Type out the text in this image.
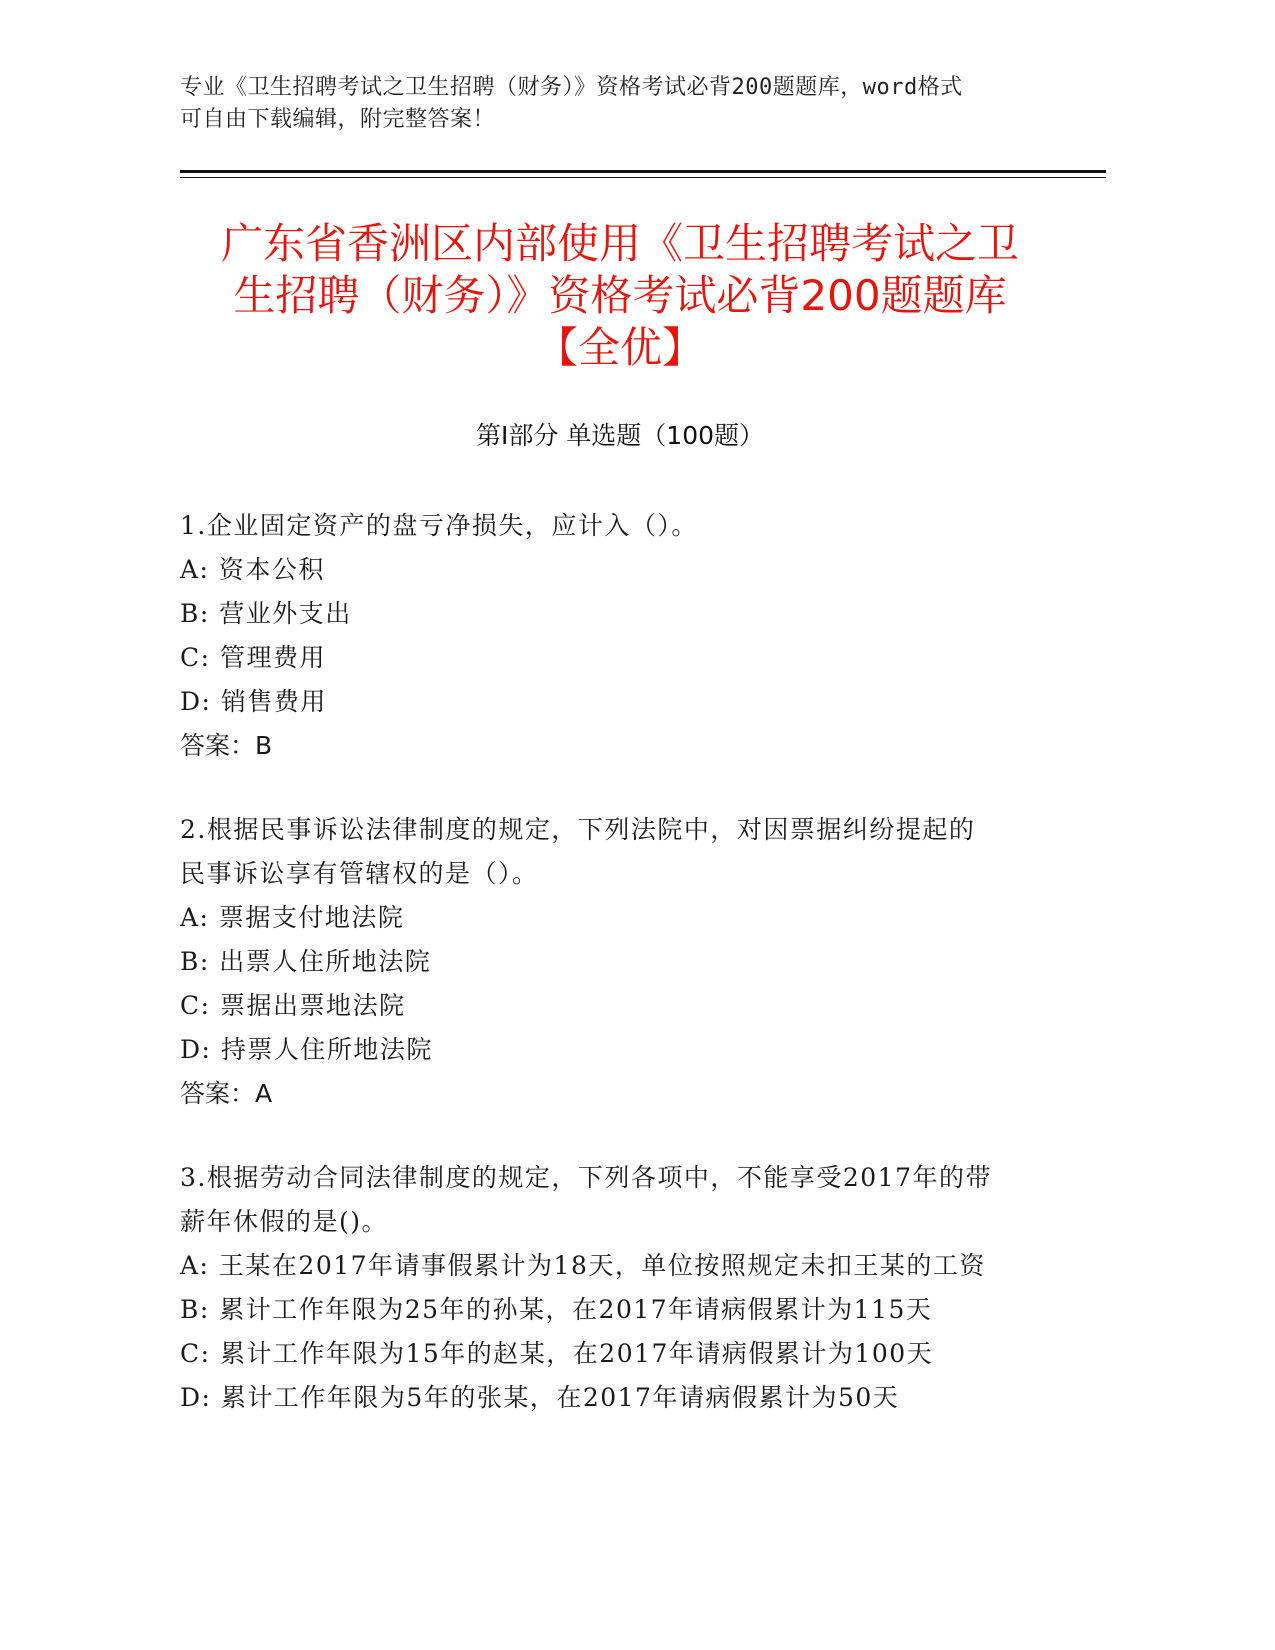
专业《卫生招聘考试之卫生招聘（财务）》资格考试必背200题题库，word格式
可自由下载编辑，附完整答案！
广东省香洲区内部使用《卫生招聘考试之卫
生招聘（财务）》资格考试必背200题题库
【全优】
第Ⅰ部分 单选题（100题）
1.企业固定资产的盘亏净损失，应计入（）。
A: 资本公积
B: 营业外支出
C: 管理费用
D: 销售费用
答案：B
2.根据民事诉讼法律制度的规定，下列法院中，对因票据纠纷提起的
民事诉讼享有管辖权的是（）。
A: 票据支付地法院
B: 出票人住所地法院
C: 票据出票地法院
D: 持票人住所地法院
答案：A
3.根据劳动合同法律制度的规定，下列各项中，不能享受2017年的带
薪年休假的是()。
A: 王某在2017年请事假累计为18天，单位按照规定未扣王某的工资
B: 累计工作年限为25年的孙某，在2017年请病假累计为115天
C: 累计工作年限为15年的赵某，在2017年请病假累计为100天
D: 累计工作年限为5年的张某，在2017年请病假累计为50天
